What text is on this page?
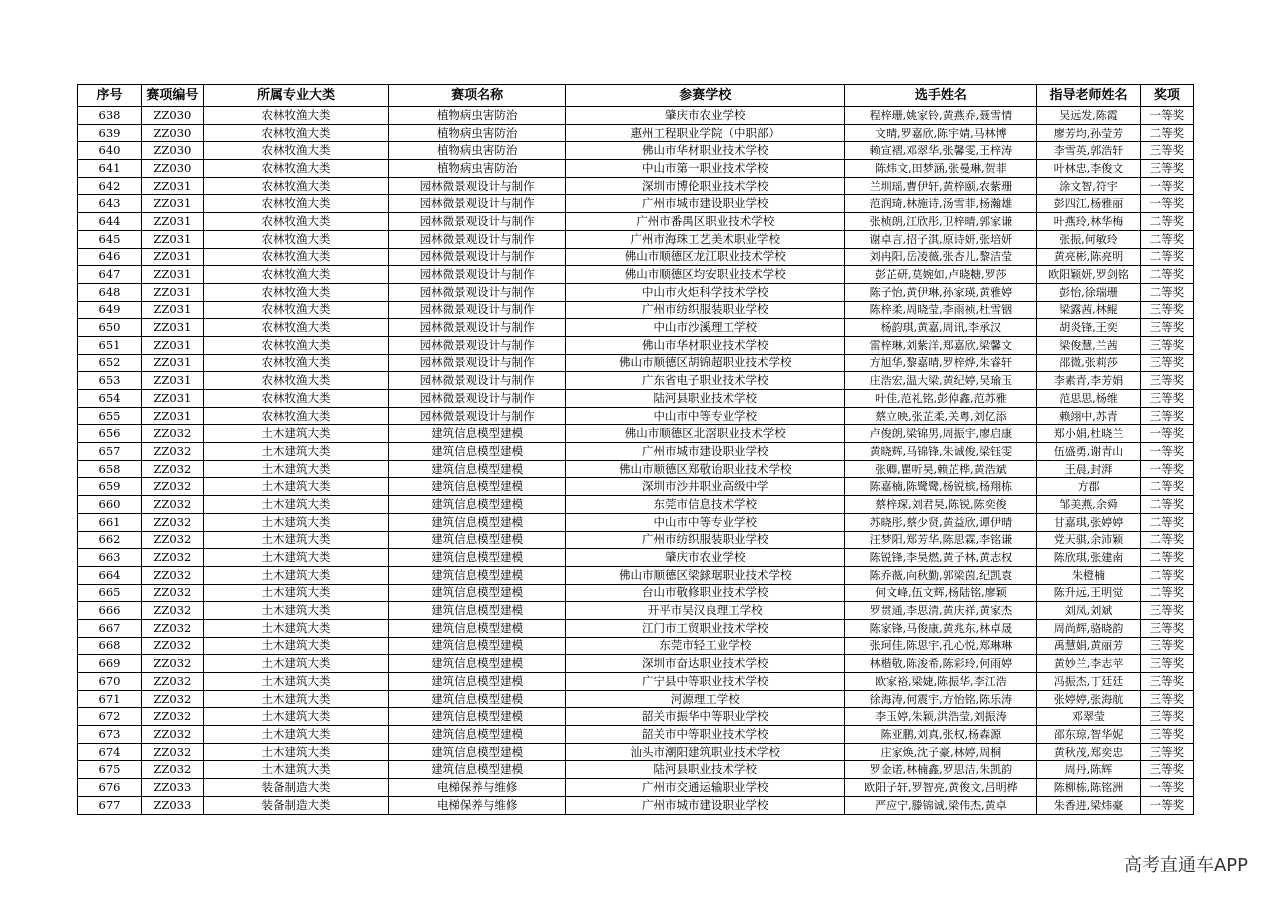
序号	赛项编号	所属专业大类	赛项名称	参赛学校	选手姓名	指导老师姓名	奖项
638	ZZ030	农林牧渔大类	植物病虫害防治	肇庆市农业学校	程梓珊,姚家铃,黄燕乔,聂雪情	吴远发,陈霞	一等奖
639	ZZ030	农林牧渔大类	植物病虫害防治	惠州工程职业学院（中职部）	文晴,罗嘉欣,陈宇婧,马林博	廖芳均,孙莹芳	二等奖
640	ZZ030	农林牧渔大类	植物病虫害防治	佛山市华材职业技术学校	赖宣褶,邓翠华,张馨雯,王梓涛	李雪英,郭浩轩	三等奖
641	ZZ030	农林牧渔大类	植物病虫害防治	中山市第一职业技术学校	陈炜文,田梦涵,张曼琳,贺菲	叶林忠,李俊文	三等奖
642	ZZ031	农林牧渔大类	园林微景观设计与制作	深圳市博伦职业技术学校	兰圳瑶,曹伊轩,黄梓颐,农紫珊	涂文智,符宇	一等奖
643	ZZ031	农林牧渔大类	园林微景观设计与制作	广州市城市建设职业学校	范润琦,林施诗,汤雪菲,杨瀚雄	彭四江,杨雅丽	一等奖
644	ZZ031	农林牧渔大类	园林微景观设计与制作	广州市番禺区职业技术学校	张桢朗,江欣彤,卫梓晴,郭家谦	叶燕玲,林华梅	二等奖
645	ZZ031	农林牧渔大类	园林微景观设计与制作	广州市海珠工艺美术职业学校	谢卓言,招子淇,原诗妍,张培妍	张振,何敏玲	二等奖
646	ZZ031	农林牧渔大类	园林微景观设计与制作	佛山市顺德区龙江职业技术学校	刘冉阳,岳凌薇,张杏儿,黎洁莹	黄亮彬,陈亮明	二等奖
647	ZZ031	农林牧渔大类	园林微景观设计与制作	佛山市顺德区均安职业技术学校	彭芷研,莫婉如,卢晓糖,罗莎	欧阳颖妍,罗剑铭	二等奖
648	ZZ031	农林牧渔大类	园林微景观设计与制作	中山市火炬科学技术学校	陈子怡,黄伊琳,孙家瑛,黄雅婷	彭怡,徐瑞珊	二等奖
649	ZZ031	农林牧渔大类	园林微景观设计与制作	广州市纺织服装职业学校	陈梓柔,周晓莹,李雨祯,杜雪铟	梁露茜,林鲲	三等奖
650	ZZ031	农林牧渔大类	园林微景观设计与制作	中山市沙溪理工学校	杨韵琪,黄嘉,周讯,李承汉	胡炎锋,王奕	三等奖
651	ZZ031	农林牧渔大类	园林微景观设计与制作	佛山市华材职业技术学校	雷梓琳,刘紫洋,郑嘉欣,梁馨文	梁俊慧,兰茜	三等奖
652	ZZ031	农林牧渔大类	园林微景观设计与制作	佛山市顺德区胡锦超职业技术学校	方旭华,黎嘉晴,罗梓烨,朱睿轩	邵微,张莉莎	三等奖
653	ZZ031	农林牧渔大类	园林微景观设计与制作	广东省电子职业技术学校	庄浩宏,温大梁,黄纪婷,吴瑜玉	李素青,李芳娟	三等奖
654	ZZ031	农林牧渔大类	园林微景观设计与制作	陆河县职业技术学校	叶佳,范礼铭,彭倬鑫,范苏雅	范思思,杨维	三等奖
655	ZZ031	农林牧渔大类	园林微景观设计与制作	中山市中等专业学校	蔡立映,张芷柔,关粤,刘亿添	赖翊中,苏青	三等奖
656	ZZ032	土木建筑大类	建筑信息模型建模	佛山市顺德区北滘职业技术学校	卢俊朗,梁锦男,周振宇,廖启康	郑小娟,杜晓兰	一等奖
657	ZZ032	土木建筑大类	建筑信息模型建模	广州市城市建设职业学校	黄晓辉,马锦锋,朱诚俊,梁钰雯	伍盛勇,谢青山	一等奖
658	ZZ032	土木建筑大类	建筑信息模型建模	佛山市顺德区郑敬诒职业技术学校	张卿,瞿听昊,赖芷桦,黄浩斌	王晨,封湃	一等奖
659	ZZ032	土木建筑大类	建筑信息模型建模	深圳市沙井职业高级中学	陈嘉楠,陈鹭鹭,杨锐槟,杨翔栋	方郡	二等奖
660	ZZ032	土木建筑大类	建筑信息模型建模	东莞市信息技术学校	蔡梓琛,刘君昊,陈锐,陈奕俊	邹美燕,余舜	二等奖
661	ZZ032	土木建筑大类	建筑信息模型建模	中山市中等专业学校	苏晓彤,蔡少贤,黄益欣,谭伊晴	甘嘉琪,张婷婷	二等奖
662	ZZ032	土木建筑大类	建筑信息模型建模	广州市纺织服装职业学校	汪梦阳,郑芳华,陈思霖,李铭谦	党天骐,余沛颖	二等奖
663	ZZ032	土木建筑大类	建筑信息模型建模	肇庆市农业学校	陈锐锋,李昊燃,黄子林,黄志权	陈欣琪,张建南	二等奖
664	ZZ032	土木建筑大类	建筑信息模型建模	佛山市顺德区梁銶琚职业技术学校	陈乔薇,向秋勤,郭梁茵,纪凯袁	朱橙楠	二等奖
665	ZZ032	土木建筑大类	建筑信息模型建模	台山市敬修职业技术学校	何文峰,伍文辉,杨陆铭,廖颖	陈升远,王明觉	二等奖
666	ZZ032	土木建筑大类	建筑信息模型建模	开平市吴汉良理工学校	罗贯通,李思清,黄庆祥,黄家杰	刘凤,刘斌	三等奖
667	ZZ032	土木建筑大类	建筑信息模型建模	江门市工贸职业技术学校	陈家锋,马俊康,黄兆东,林卓晟	周尚辉,骆晓韵	三等奖
668	ZZ032	土木建筑大类	建筑信息模型建模	东莞市轻工业学校	张珂佳,陈思宇,孔心悦,郑琳琳	禹慧娟,黄丽芳	三等奖
669	ZZ032	土木建筑大类	建筑信息模型建模	深圳市奋达职业技术学校	林楷敬,陈浚希,陈彩玲,何雨婷	黄妙兰,李志苹	三等奖
670	ZZ032	土木建筑大类	建筑信息模型建模	广宁县中等职业技术学校	欧家裕,梁婕,陈振华,李江浩	冯振杰,丁廷廷	三等奖
671	ZZ032	土木建筑大类	建筑信息模型建模	河源理工学校	徐海涛,何震宇,方怡铭,陈乐涛	张婷婷,张海航	三等奖
672	ZZ032	土木建筑大类	建筑信息模型建模	韶关市振华中等职业学校	李玉婷,朱颖,洪浩莹,刘振涛	邓翠莹	三等奖
673	ZZ032	土木建筑大类	建筑信息模型建模	韶关市中等职业技术学校	陈亚鹏,刘真,张权,杨森源	邵东琼,智华妮	三等奖
674	ZZ032	土木建筑大类	建筑信息模型建模	汕头市潮阳建筑职业技术学校	庄家焕,沈子豪,林婷,周桐	黄秋茂,郑奕忠	三等奖
675	ZZ032	土木建筑大类	建筑信息模型建模	陆河县职业技术学校	罗金诺,林楠鑫,罗思洁,朱凯韵	周丹,陈辉	三等奖
676	ZZ033	装备制造大类	电梯保养与维修	广州市交通运输职业学校	欧阳子轩,罗智亮,黄俊文,吕明桦	陈柳栋,陈铭洲	一等奖
677	ZZ033	装备制造大类	电梯保养与维修	广州市城市建设职业学校	严应宁,滕锦诚,梁伟杰,黄卓	朱香进,梁炜豪	一等奖
高考直通车APP
